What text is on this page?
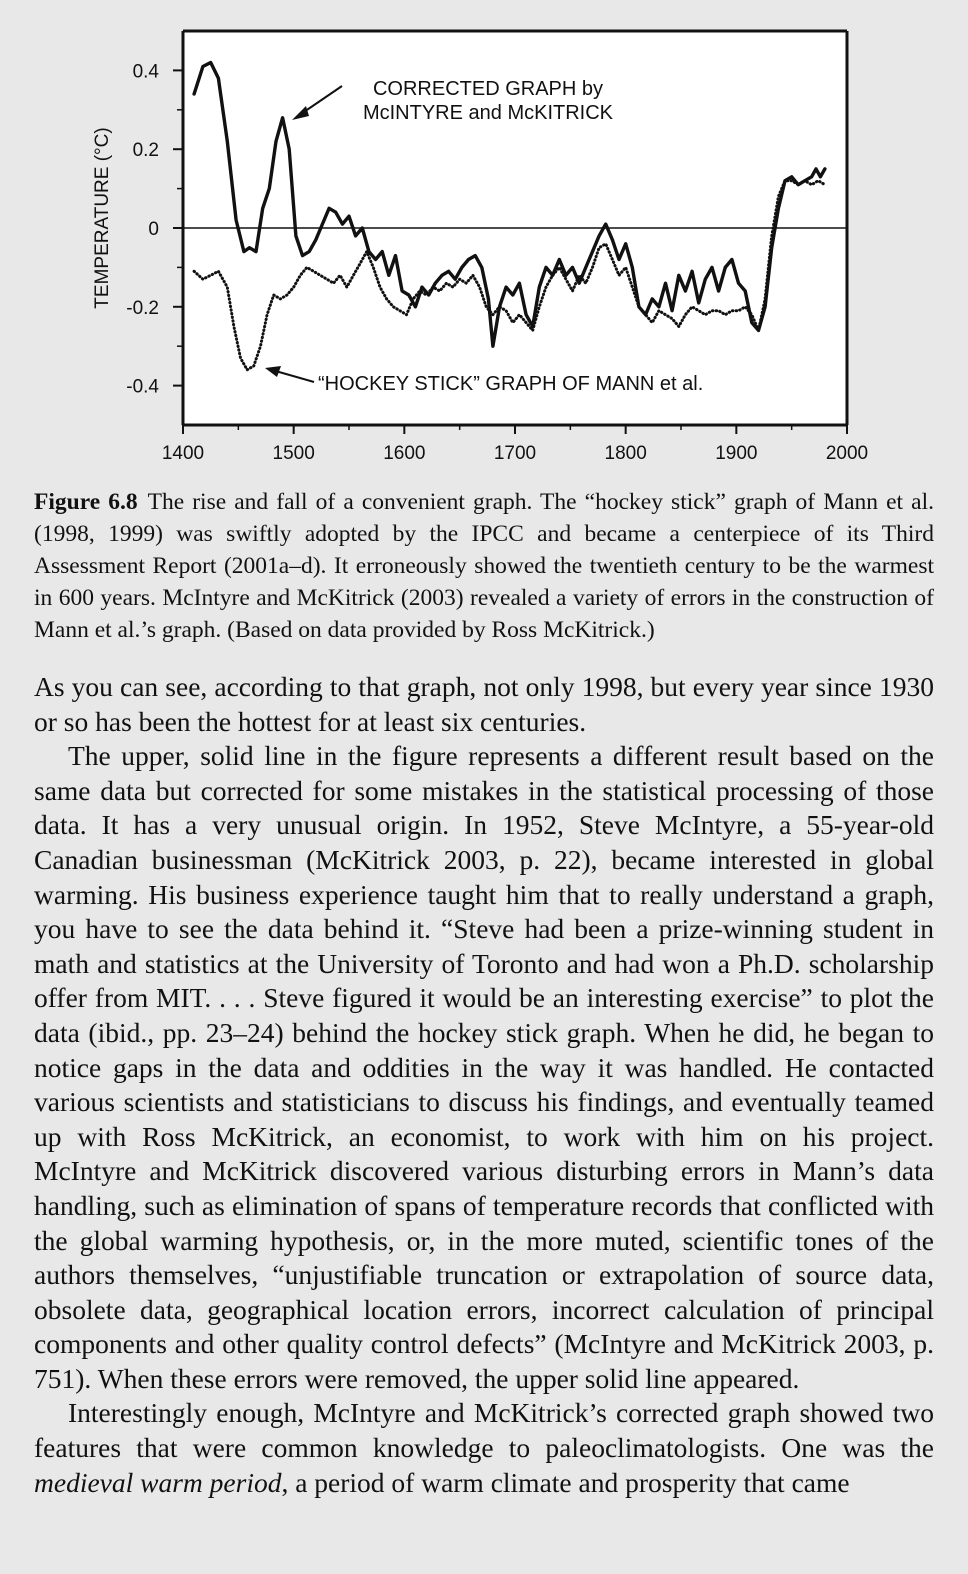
1400	1500	1600	1700	1800	1900	2000
0.4
0.2
0
-0.2
-0.4
TEMPERATURE (°C)
CORRECTED GRAPH by
McINTYRE and McKITRICK
“HOCKEY STICK” GRAPH OF MANN et al.
Figure 6.8 The rise and fall of a convenient graph. The “hockey stick” graph of Mann et al. (1998, 1999) was swiftly adopted by the IPCC and became a centerpiece of its Third Assessment Report (2001a–d). It erroneously showed the twentieth century to be the warmest in 600 years. McIntyre and McKitrick (2003) revealed a variety of errors in the construction of Mann et al.’s graph. (Based on data provided by Ross McKitrick.)

As you can see, according to that graph, not only 1998, but every year since 1930 or so has been the hottest for at least six centuries.

The upper, solid line in the figure represents a different result based on the same data but corrected for some mistakes in the statistical processing of those data. It has a very unusual origin. In 1952, Steve McIntyre, a 55-year-old Canadian businessman (McKitrick 2003, p. 22), became interested in global warming. His business experience taught him that to really understand a graph, you have to see the data behind it. “Steve had been a prize-winning student in math and statistics at the University of Toronto and had won a Ph.D. scholarship offer from MIT. . . . Steve figured it would be an interesting exercise” to plot the data (ibid., pp. 23–24) behind the hockey stick graph. When he did, he began to notice gaps in the data and oddities in the way it was handled. He contacted various scientists and statisticians to discuss his findings, and eventually teamed up with Ross McKitrick, an economist, to work with him on his project. McIntyre and McKitrick discovered various disturbing errors in Mann’s data handling, such as elimination of spans of temperature records that conflicted with the global warming hypothesis, or, in the more muted, scientific tones of the authors themselves, “unjustifiable truncation or extrapolation of source data, obsolete data, geographical location errors, incorrect calculation of principal components and other quality control defects” (McIntyre and McKitrick 2003, p. 751). When these errors were removed, the upper solid line appeared.

Interestingly enough, McIntyre and McKitrick’s corrected graph showed two features that were common knowledge to paleoclimatologists. One was the medieval warm period, a period of warm climate and prosperity that came
